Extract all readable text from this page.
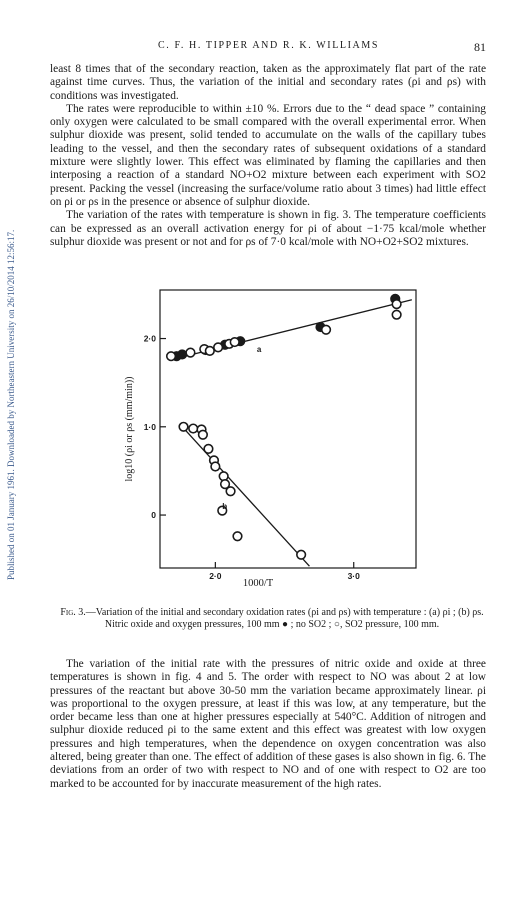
Published on 01 January 1961. Downloaded by Northeastern University on 26/10/2014 12:56:17.
C. F. H. TIPPER AND R. K. WILLIAMS	81

least 8 times that of the secondary reaction, taken as the approximately flat part of the rate against time curves. Thus, the variation of the initial and secondary rates (ρi and ρs) with conditions was investigated.

The rates were reproducible to within ±10 %. Errors due to the “ dead space ” containing only oxygen were calculated to be small compared with the overall experimental error. When sulphur dioxide was present, solid tended to accumulate on the walls of the capillary tubes leading to the vessel, and then the secondary rates of subsequent oxidations of a standard mixture were slightly lower. This effect was eliminated by flaming the capillaries and then interposing a reaction of a standard NO+O2 mixture between each experiment with SO2 present. Packing the vessel (increasing the surface/volume ratio about 3 times) had little effect on ρi or ρs in the presence or absence of sulphur dioxide.

The variation of the rates with temperature is shown in fig. 3. The temperature coefficients can be expressed as an overall activation energy for ρi of about −1·75 kcal/mole whether sulphur dioxide was present or not and for ρs of 7·0 kcal/mole with NO+O2+SO2 mixtures.

2·0	3·0
0
1·0
2·0
a
b
1000/T
log10 (ρi or ρs (mm/min))
Fig. 3.—Variation of the initial and secondary oxidation rates (ρi and ρs) with temperature : (a) ρi ; (b) ρs. Nitric oxide and oxygen pressures, 100 mm ● ; no SO2 ; ○, SO2 pressure, 100 mm.

The variation of the initial rate with the pressures of nitric oxide and oxide at three temperatures is shown in fig. 4 and 5. The order with respect to NO was about 2 at low pressures of the reactant but above 30-50 mm the variation became approximately linear. ρi was proportional to the oxygen pressure, at least if this was low, at any temperature, but the order became less than one at higher pressures especially at 540°C. Addition of nitrogen and sulphur dioxide reduced ρi to the same extent and this effect was greatest with low oxygen pressures and high temperatures, when the dependence on oxygen concentration was also altered, being greater than one. The effect of addition of these gases is also shown in fig. 6. The deviations from an order of two with respect to NO and of one with respect to O2 are too marked to be accounted for by inaccurate measurement of the high rates.
